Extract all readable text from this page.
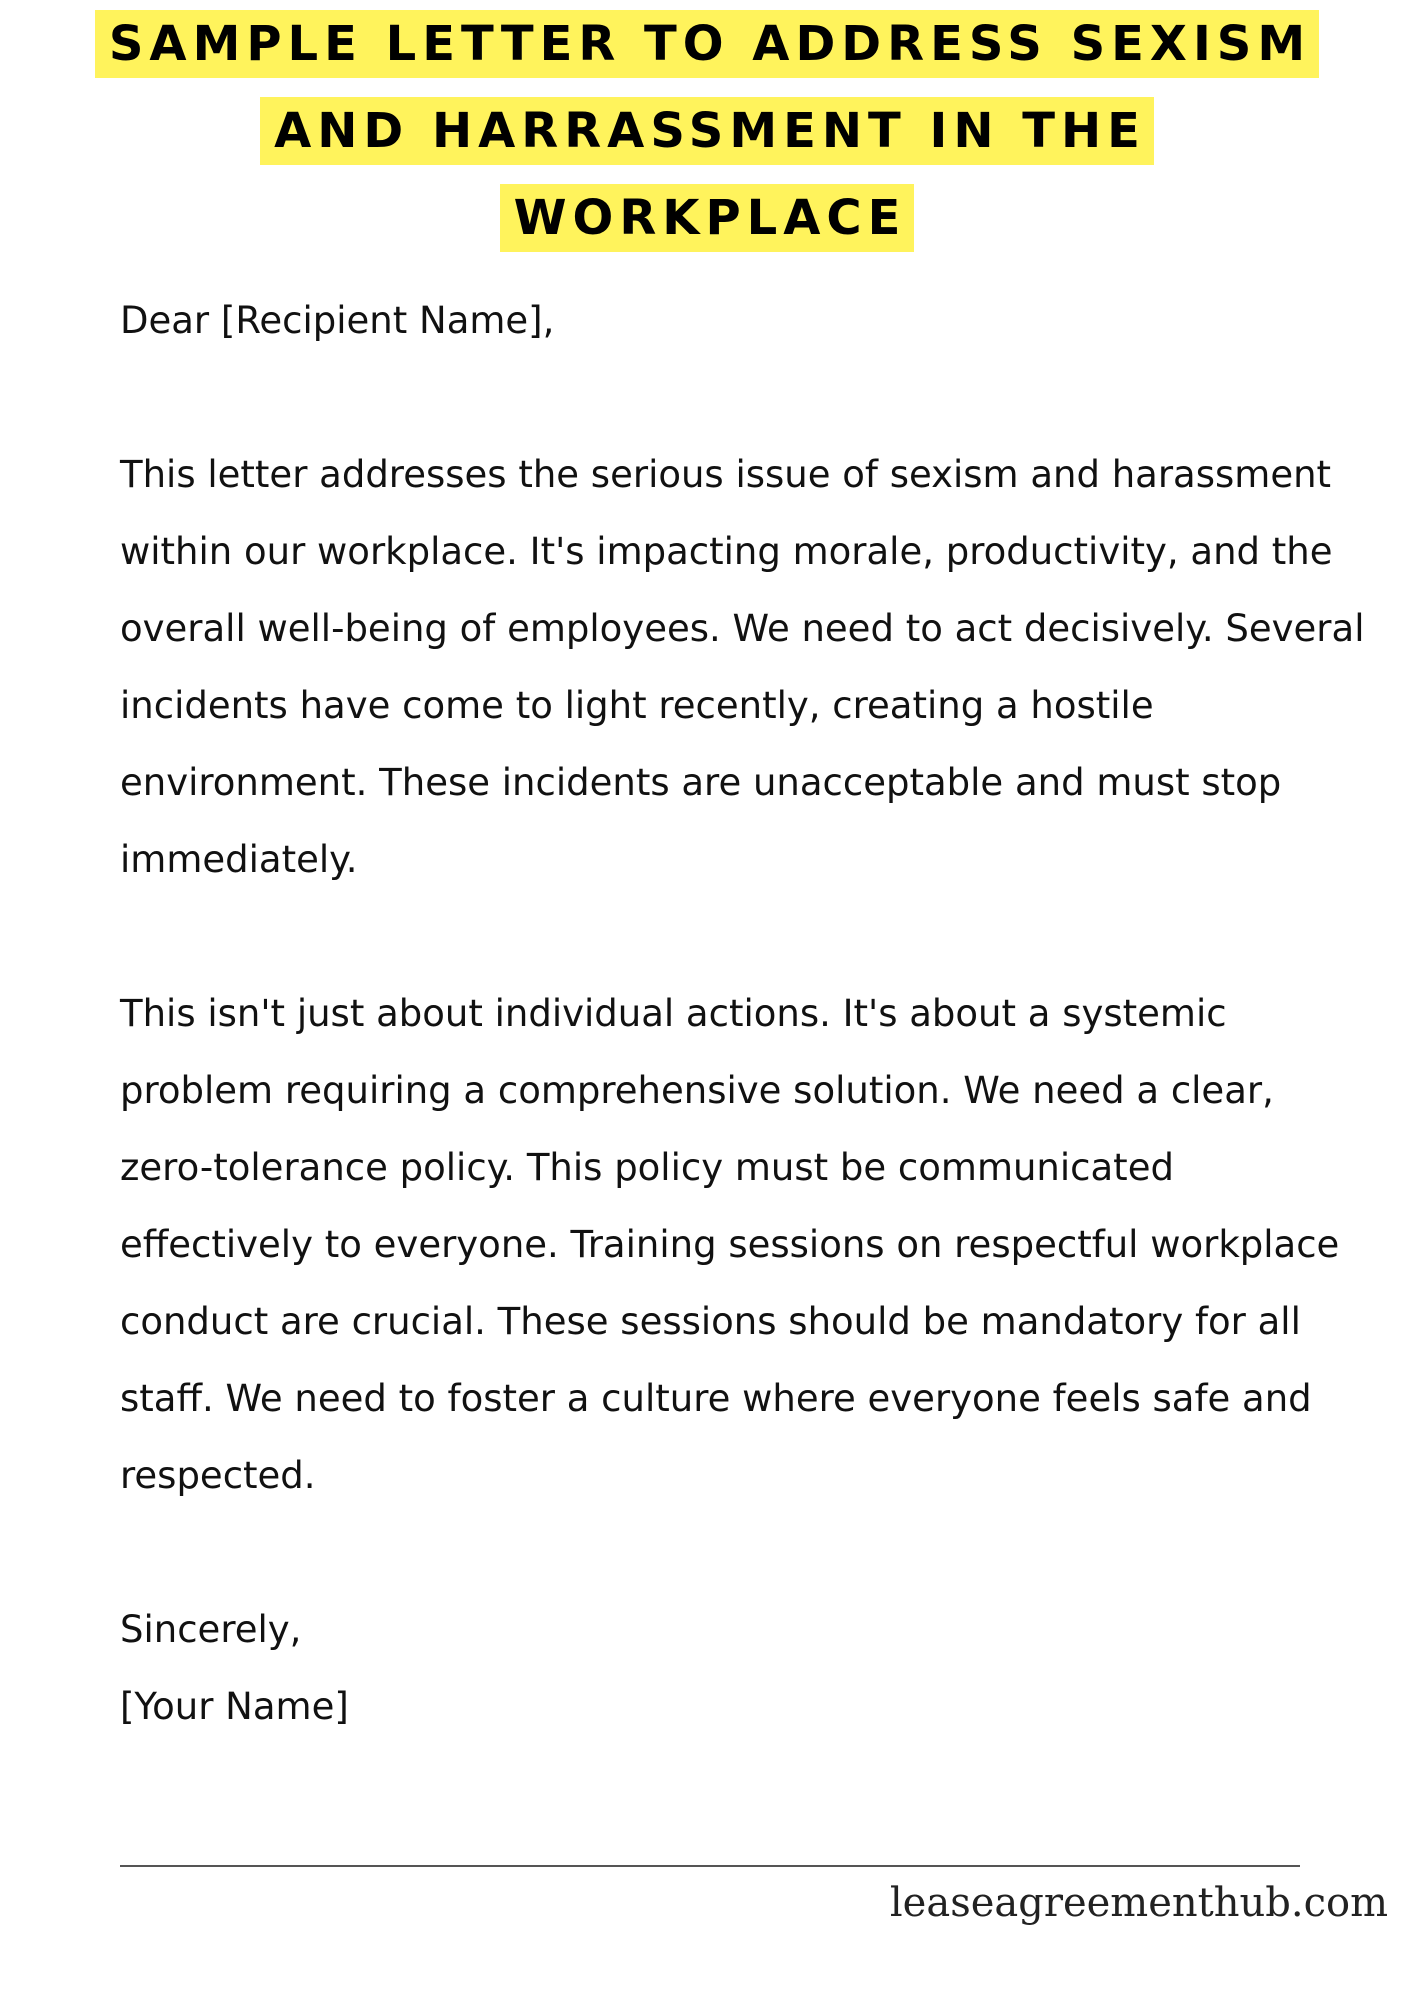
SAMPLE LETTER TO ADDRESS SEXISM
AND HARRASSMENT IN THE
WORKPLACE

Dear [Recipient Name],

This letter addresses the serious issue of sexism and harassment within our workplace. It's impacting morale, productivity, and the overall well-being of employees. We need to act decisively. Several incidents have come to light recently, creating a hostile environment. These incidents are unacceptable and must stop immediately.

This isn't just about individual actions. It's about a systemic problem requiring a comprehensive solution. We need a clear, zero-tolerance policy. This policy must be communicated effectively to everyone. Training sessions on respectful workplace conduct are crucial. These sessions should be mandatory for all staff. We need to foster a culture where everyone feels safe and respected.

Sincerely,

[Your Name]

leaseagreementhub.com
